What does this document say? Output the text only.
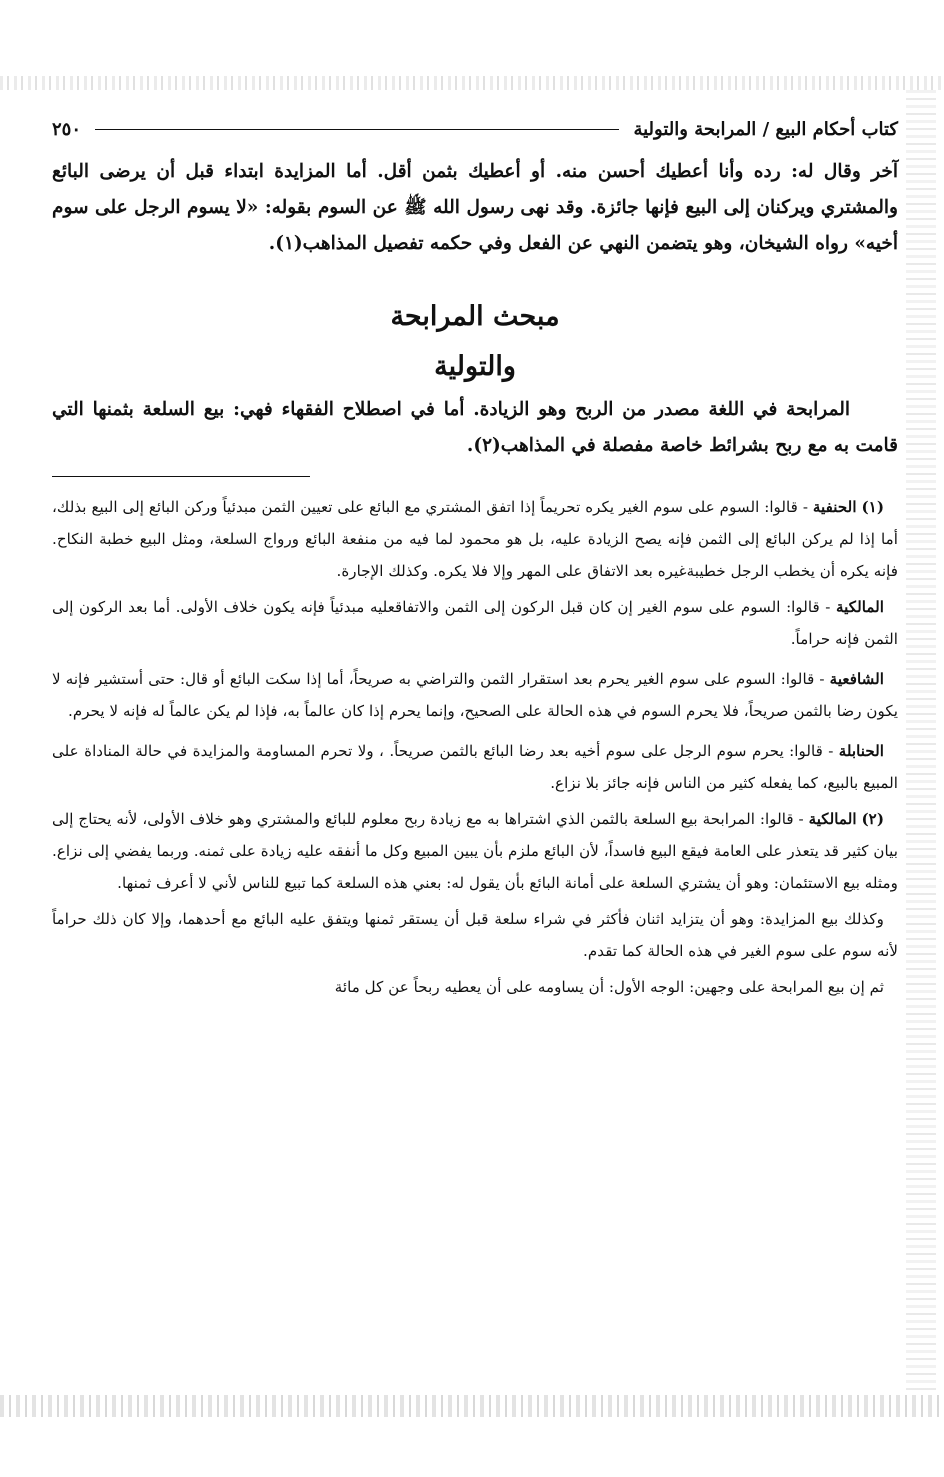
كتاب أحكام البيع / المرابحة والتولية
٢٥٠

آخر وقال له: رده وأنا أعطيك أحسن منه. أو أعطيك بثمن أقل. أما المزايدة ابتداء قبل أن يرضى البائع والمشتري ويركنان إلى البيع فإنها جائزة. وقد نهى رسول الله ﷺ عن السوم بقوله: «لا يسوم الرجل على سوم أخيه» رواه الشيخان، وهو يتضمن النهي عن الفعل وفي حكمه تفصيل المذاهب(١).

مبحث المرابحة
والتولية

المرابحة في اللغة مصدر من الربح وهو الزيادة. أما في اصطلاح الفقهاء فهي: بيع السلعة بثمنها التي قامت به مع ربح بشرائط خاصة مفصلة في المذاهب(٢).

(١) الحنفية - قالوا: السوم على سوم الغير يكره تحريماً إذا اتفق المشتري مع البائع على تعيين الثمن مبدئياً وركن البائع إلى البيع بذلك، أما إذا لم يركن البائع إلى الثمن فإنه يصح الزيادة عليه، بل هو محمود لما فيه من منفعة البائع ورواج السلعة، ومثل البيع خطبة النكاح. فإنه يكره أن يخطب الرجل خطيبةغيره بعد الاتفاق على المهر وإلا فلا يكره. وكذلك الإجارة.

المالكية - قالوا: السوم على سوم الغير إن كان قبل الركون إلى الثمن والاتفاقعليه مبدئياً فإنه يكون خلاف الأولى. أما بعد الركون إلى الثمن فإنه حراماً.

الشافعية - قالوا: السوم على سوم الغير يحرم بعد استقرار الثمن والتراضي به صريحاً، أما إذا سكت البائع أو قال: حتى أستشير فإنه لا يكون رضا بالثمن صريحاً، فلا يحرم السوم في هذه الحالة على الصحيح، وإنما يحرم إذا كان عالماً به، فإذا لم يكن عالماً له فإنه لا يحرم.

الحنابلة - قالوا: يحرم سوم الرجل على سوم أخيه بعد رضا البائع بالثمن صريحاً. ، ولا تحرم المساومة والمزايدة في حالة المناداة على المبيع بالبيع، كما يفعله كثير من الناس فإنه جائز بلا نزاع.

(٢) المالكية - قالوا: المرابحة بيع السلعة بالثمن الذي اشتراها به مع زيادة ربح معلوم للبائع والمشتري وهو خلاف الأولى، لأنه يحتاج إلى بيان كثير قد يتعذر على العامة فيقع البيع فاسداً، لأن البائع ملزم بأن يبين المبيع وكل ما أنفقه عليه زيادة على ثمنه. وربما يفضي إلى نزاع. ومثله بيع الاستئمان: وهو أن يشتري السلعة على أمانة البائع بأن يقول له: بعني هذه السلعة كما تبيع للناس لأني لا أعرف ثمنها.

وكذلك بيع المزايدة: وهو أن يتزايد اثنان فأكثر في شراء سلعة قبل أن يستقر ثمنها ويتفق عليه البائع مع أحدهما، وإلا كان ذلك حراماً لأنه سوم على سوم الغير في هذه الحالة كما تقدم.

ثم إن بيع المرابحة على وجهين: الوجه الأول: أن يساومه على أن يعطيه ربحاً عن كل مائة
